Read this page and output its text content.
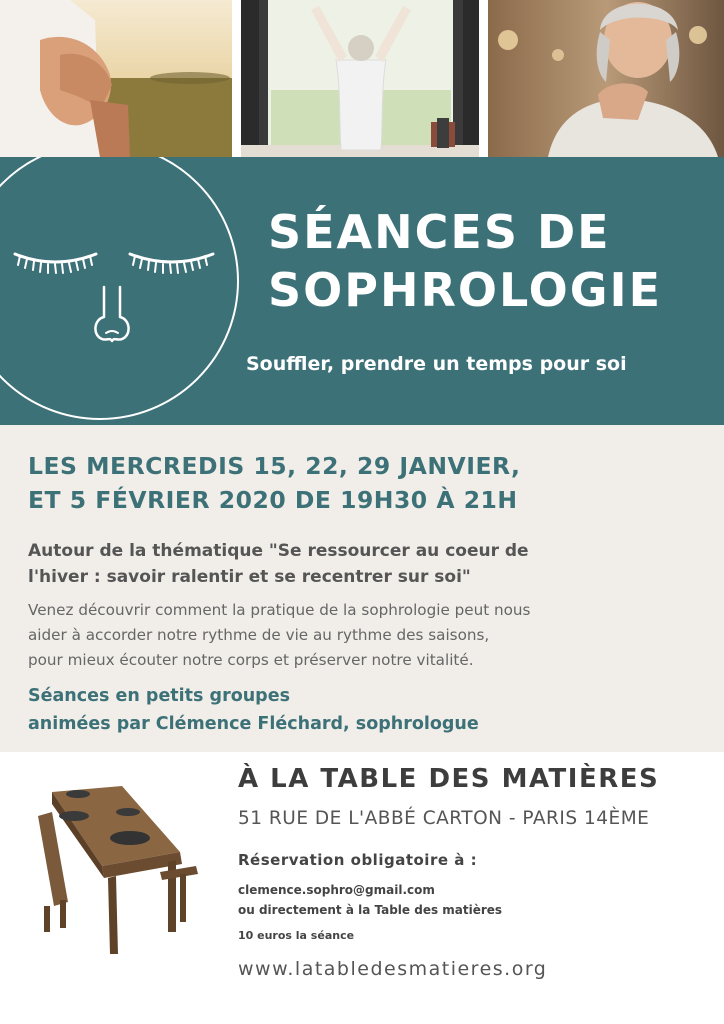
SÉANCES DE
SOPHROLOGIE

Souffler, prendre un temps pour soi

LES MERCREDIS 15, 22, 29 JANVIER,
ET 5 FÉVRIER 2020 DE 19H30 À 21H

Autour de la thématique "Se ressourcer au coeur de
l'hiver : savoir ralentir et se recentrer sur soi"

Venez découvrir comment la pratique de la sophrologie peut nous
aider à accorder notre rythme de vie au rythme des saisons,
pour mieux écouter notre corps et préserver notre vitalité.

Séances en petits groupes
animées par Clémence Fléchard, sophrologue

À LA TABLE DES MATIÈRES

51 RUE DE L'ABBÉ CARTON - PARIS 14ÈME

Réservation obligatoire à :

clemence.sophro@gmail.com
ou directement à la Table des matières

10 euros la séance

www.latabledesmatieres.org
